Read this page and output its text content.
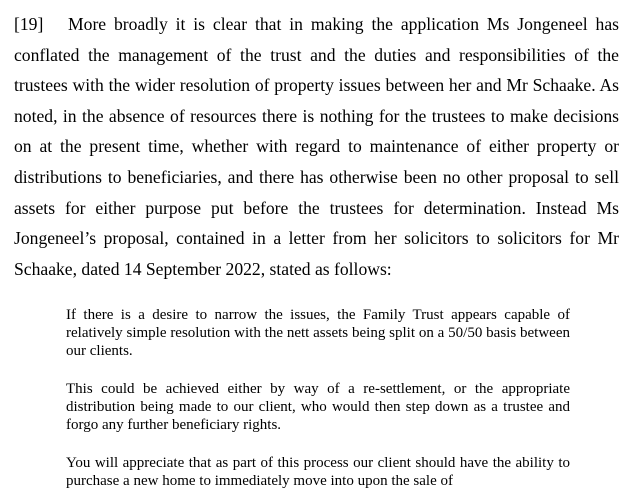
[19] More broadly it is clear that in making the application Ms Jongeneel has conflated the management of the trust and the duties and responsibilities of the trustees with the wider resolution of property issues between her and Mr Schaake. As noted, in the absence of resources there is nothing for the trustees to make decisions on at the present time, whether with regard to maintenance of either property or distributions to beneficiaries, and there has otherwise been no other proposal to sell assets for either purpose put before the trustees for determination. Instead Ms Jongeneel’s proposal, contained in a letter from her solicitors to solicitors for Mr Schaake, dated 14 September 2022, stated as follows:

If there is a desire to narrow the issues, the Family Trust appears capable of relatively simple resolution with the nett assets being split on a 50/50 basis between our clients.

This could be achieved either by way of a re-settlement, or the appropriate distribution being made to our client, who would then step down as a trustee and forgo any further beneficiary rights.

You will appreciate that as part of this process our client should have the ability to purchase a new home to immediately move into upon the sale of
